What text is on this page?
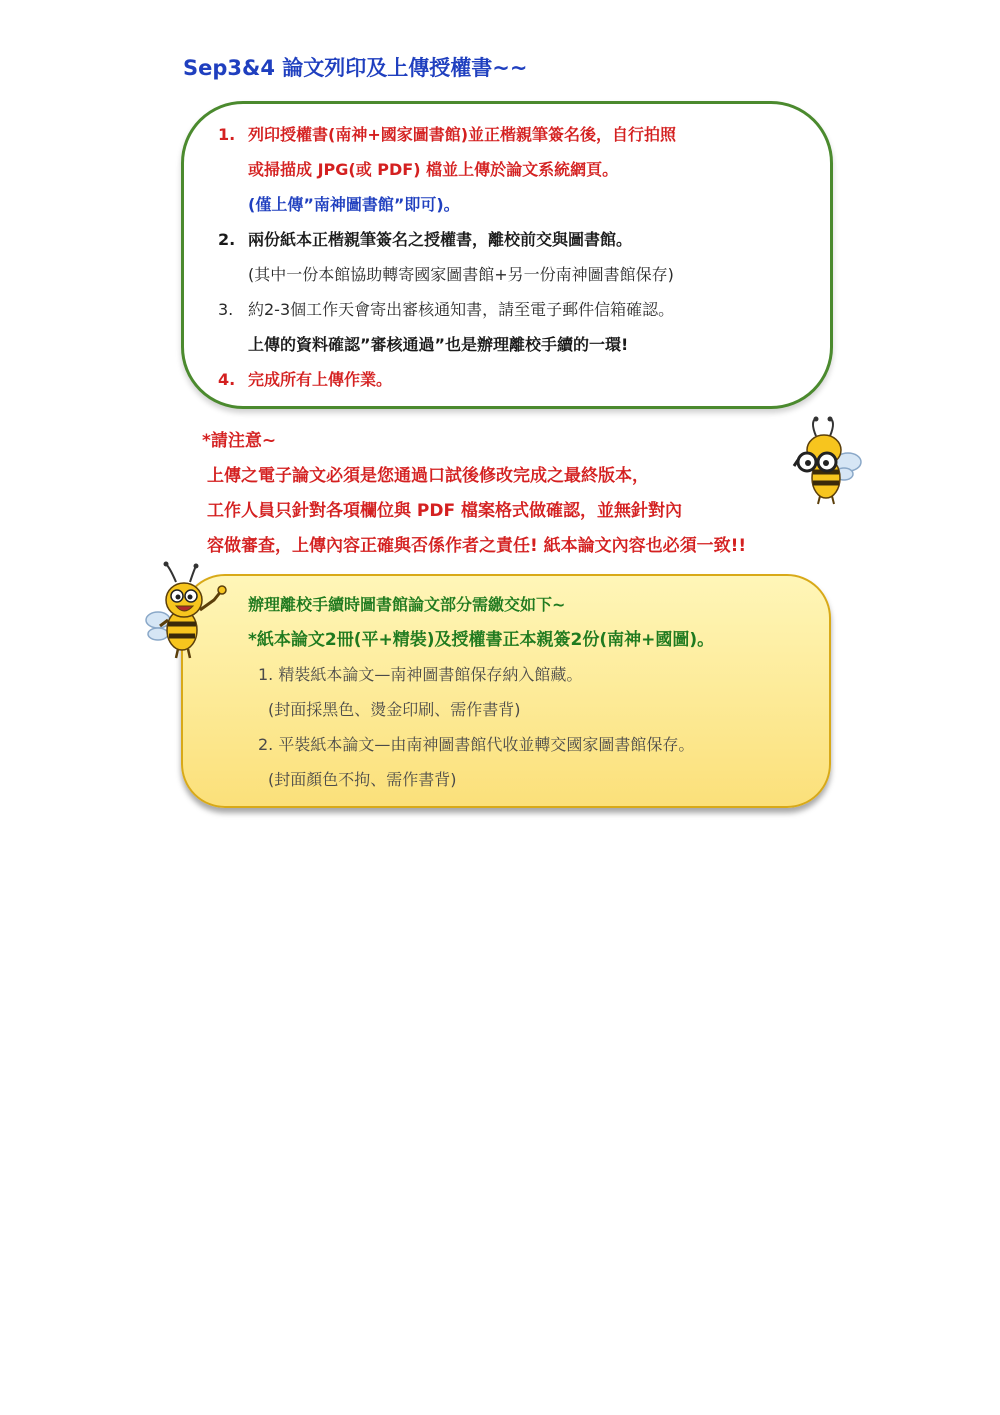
Sep3&4 論文列印及上傳授權書~~
1. 列印授權書(南神+國家圖書館)並正楷親筆簽名後，自行拍照
或掃描成 JPG(或 PDF) 檔並上傳於論文系統網頁。
(僅上傳”南神圖書館”即可)。
2. 兩份紙本正楷親筆簽名之授權書，離校前交與圖書館。
(其中一份本館協助轉寄國家圖書館+另一份南神圖書館保存)
3. 約2-3個工作天會寄出審核通知書，請至電子郵件信箱確認。
上傳的資料確認”審核通過”也是辦理離校手續的一環!
4. 完成所有上傳作業。
*請注意~
上傳之電子論文必須是您通過口試後修改完成之最終版本，
工作人員只針對各項欄位與 PDF 檔案格式做確認，並無針對內
容做審查，上傳內容正確與否係作者之責任! 紙本論文內容也必須一致!!
辦理離校手續時圖書館論文部分需繳交如下~
*紙本論文2冊(平+精裝)及授權書正本親簽2份(南神+國圖)。
1. 精裝紙本論文—南神圖書館保存納入館藏。
(封面採黑色、燙金印刷、需作書背)
2. 平裝紙本論文—由南神圖書館代收並轉交國家圖書館保存。
(封面顏色不拘、需作書背)
